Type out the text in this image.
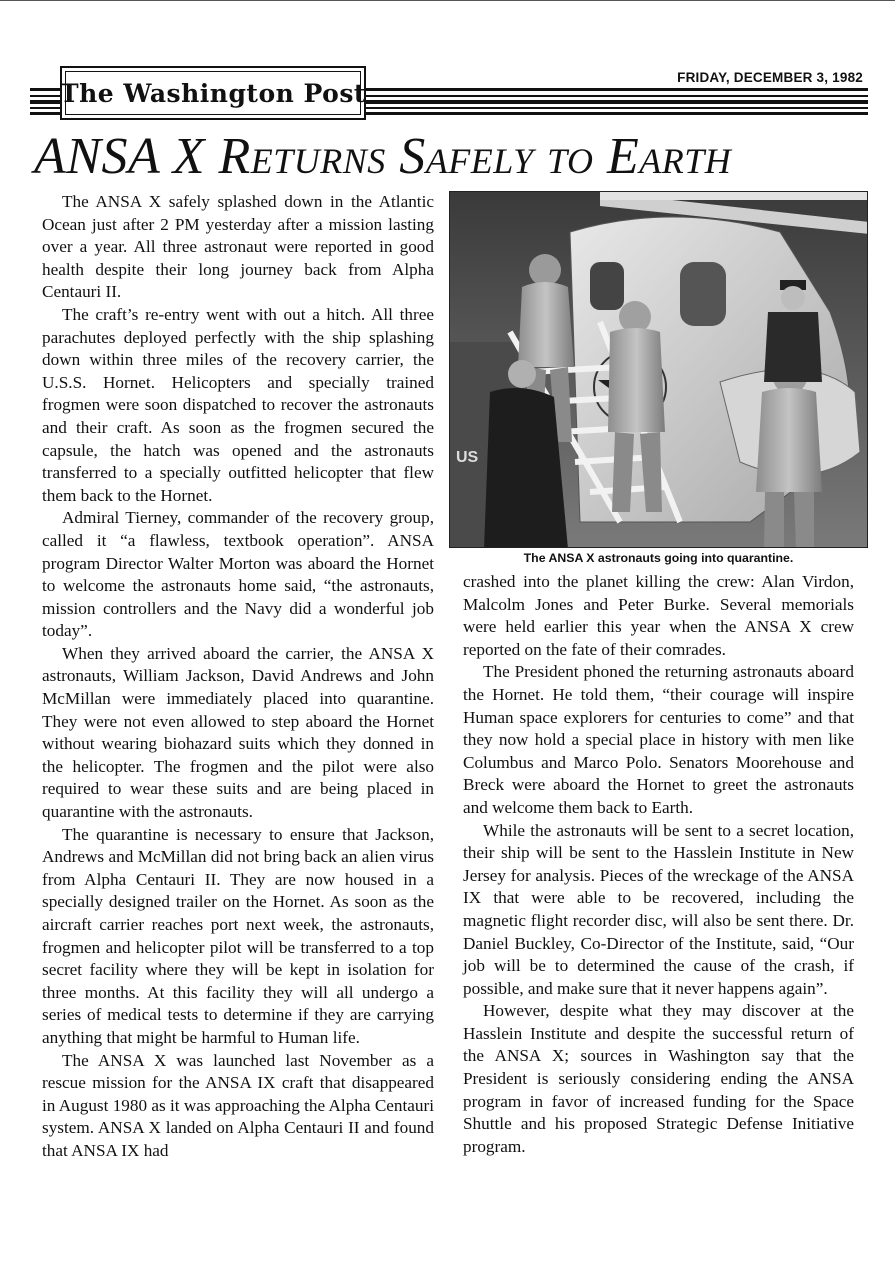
The Washington Post
FRIDAY, DECEMBER 3, 1982
ANSA X Returns Safely to Earth

The ANSA X safely splashed down in the Atlantic Ocean just after 2 PM yesterday after a mission lasting over a year. All three astronaut were reported in good health despite their long journey back from Alpha Centauri II.

The craft’s re-entry went with out a hitch. All three parachutes deployed perfectly with the ship splashing down within three miles of the recovery carrier, the U.S.S. Hornet. Helicopters and specially trained frogmen were soon dispatched to recover the astronauts and their craft. As soon as the frogmen secured the capsule, the hatch was opened and the astronauts transferred to a specially outfitted helicopter that flew them back to the Hornet.

Admiral Tierney, commander of the recovery group, called it “a flawless, textbook operation”. ANSA program Director Walter Morton was aboard the Hornet to welcome the astronauts home said, “the astronauts, mission controllers and the Navy did a wonderful job today”.

When they arrived aboard the carrier, the ANSA X astronauts, William Jackson, David Andrews and John McMillan were immediately placed into quarantine. They were not even allowed to step aboard the Hornet without wearing biohazard suits which they donned in the helicopter. The frogmen and the pilot were also required to wear these suits and are being placed in quarantine with the astronauts.

The quarantine is necessary to ensure that Jackson, Andrews and McMillan did not bring back an alien virus from Alpha Centauri II. They are now housed in a specially designed trailer on the Hornet. As soon as the aircraft carrier reaches port next week, the astronauts, frogmen and helicopter pilot will be transferred to a top secret facility where they will be kept in isolation for three months. At this facility they will all undergo a series of medical tests to determine if they are carrying anything that might be harmful to Human life.

The ANSA X was launched last November as a rescue mission for the ANSA IX craft that disappeared in August 1980 as it was approaching the Alpha Centauri system. ANSA X landed on Alpha Centauri II and found that ANSA IX had

US
The ANSA X astronauts going into quarantine.

crashed into the planet killing the crew: Alan Virdon, Malcolm Jones and Peter Burke. Several memorials were held earlier this year when the ANSA X crew reported on the fate of their comrades.

The President phoned the returning astronauts aboard the Hornet. He told them, “their courage will inspire Human space explorers for centuries to come” and that they now hold a special place in history with men like Columbus and Marco Polo. Senators Moorehouse and Breck were aboard the Hornet to greet the astronauts and welcome them back to Earth.

While the astronauts will be sent to a secret location, their ship will be sent to the Hasslein Institute in New Jersey for analysis. Pieces of the wreckage of the ANSA IX that were able to be recovered, including the magnetic flight recorder disc, will also be sent there. Dr. Daniel Buckley, Co-Director of the Institute, said, “Our job will be to determined the cause of the crash, if possible, and make sure that it never happens again”.

However, despite what they may discover at the Hasslein Institute and despite the successful return of the ANSA X; sources in Washington say that the President is seriously considering ending the ANSA program in favor of increased funding for the Space Shuttle and his proposed Strategic Defense Initiative program.
